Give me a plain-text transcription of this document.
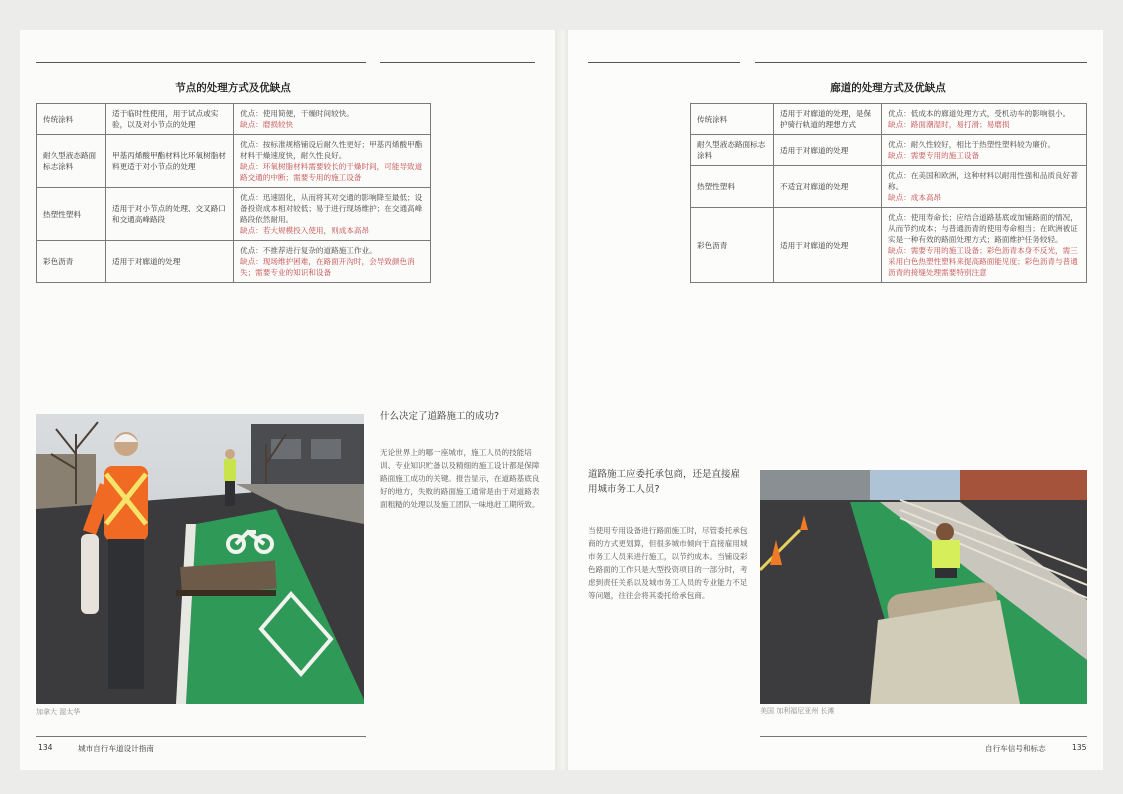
节点的处理方式及优缺点
传统涂料	适于临时性使用，用于试点或实验，以及对小节点的处理	优点：使用简便，干燥时间较快。
缺点：磨损较快

耐久型液态路面标志涂料	甲基丙烯酸甲酯材料比环氧树脂材料更适于对小节点的处理	优点：按标准规格铺设后耐久性更好；甲基丙烯酸甲酯材料干燥速度快，耐久性良好。
缺点：环氧树脂材料需要较长的干燥时间，可能导致道路交通的中断；需要专用的施工设备

热塑性塑料	适用于对小节点的处理、交叉路口和交通高峰路段	优点：迅速固化，从而将其对交通的影响降至最低；设备投资成本相对较低；易于进行现场维护；在交通高峰路段依然耐用。
缺点：若大规模投入使用，则成本高昂

彩色沥青	适用于对廊道的处理	优点：不推荐进行复杂的道路施工作业。
缺点：现场维护困难，在路面开沟时，会导致颜色消失；需要专业的知识和设备
加拿大 渥太华
什么决定了道路施工的成功?
无论世界上的哪一座城市，施工人员的技能培训、专业知识贮备以及精细的施工设计都是保障路面施工成功的关键。报告显示，在道路基底良好的地方，失败的路面施工通常是由于对道路表面粗糙的处理以及施工团队一味地赶工期所致。
134	城市自行车道设计指南
廊道的处理方式及优缺点
传统涂料	适用于对廊道的处理，是保护骑行轨道的理想方式	优点：低成本的廊道处理方式，受机动车的影响很小。
缺点：路面潮湿时，易打滑；易磨损

耐久型液态路面标志涂料	适用于对廊道的处理	优点：耐久性较好，相比于热塑性塑料较为廉价。
缺点：需要专用的施工设备

热塑性塑料	不适宜对廊道的处理	优点：在美国和欧洲，这种材料以耐用性强和品质良好著称。
缺点：成本高昂

彩色沥青	适用于对廊道的处理	优点：使用寿命长；应结合道路基底或加铺路面的情况，从而节约成本；与普通沥青的使用寿命相当；在欧洲被证实是一种有效的路面处理方式；路面维护任务较轻。
缺点：需要专用的施工设备；彩色沥青本身不反光，需三采用白色热塑性塑料来提高路面能见度；彩色沥青与普通沥青的接缝处理需要特别注意
道路施工应委托承包商，还是直接雇用城市务工人员?
当使用专用设备进行路面施工时，尽管委托承包商的方式更划算，但很多城市倾向于直接雇用城市务工人员来进行施工，以节约成本。当铺设彩色路面的工作只是大型投资项目的一部分时，考虑到责任关系以及城市务工人员的专业能力不足等问题，往往会将其委托给承包商。
美国 加利福尼亚州 长滩
自行车信号和标志	135
